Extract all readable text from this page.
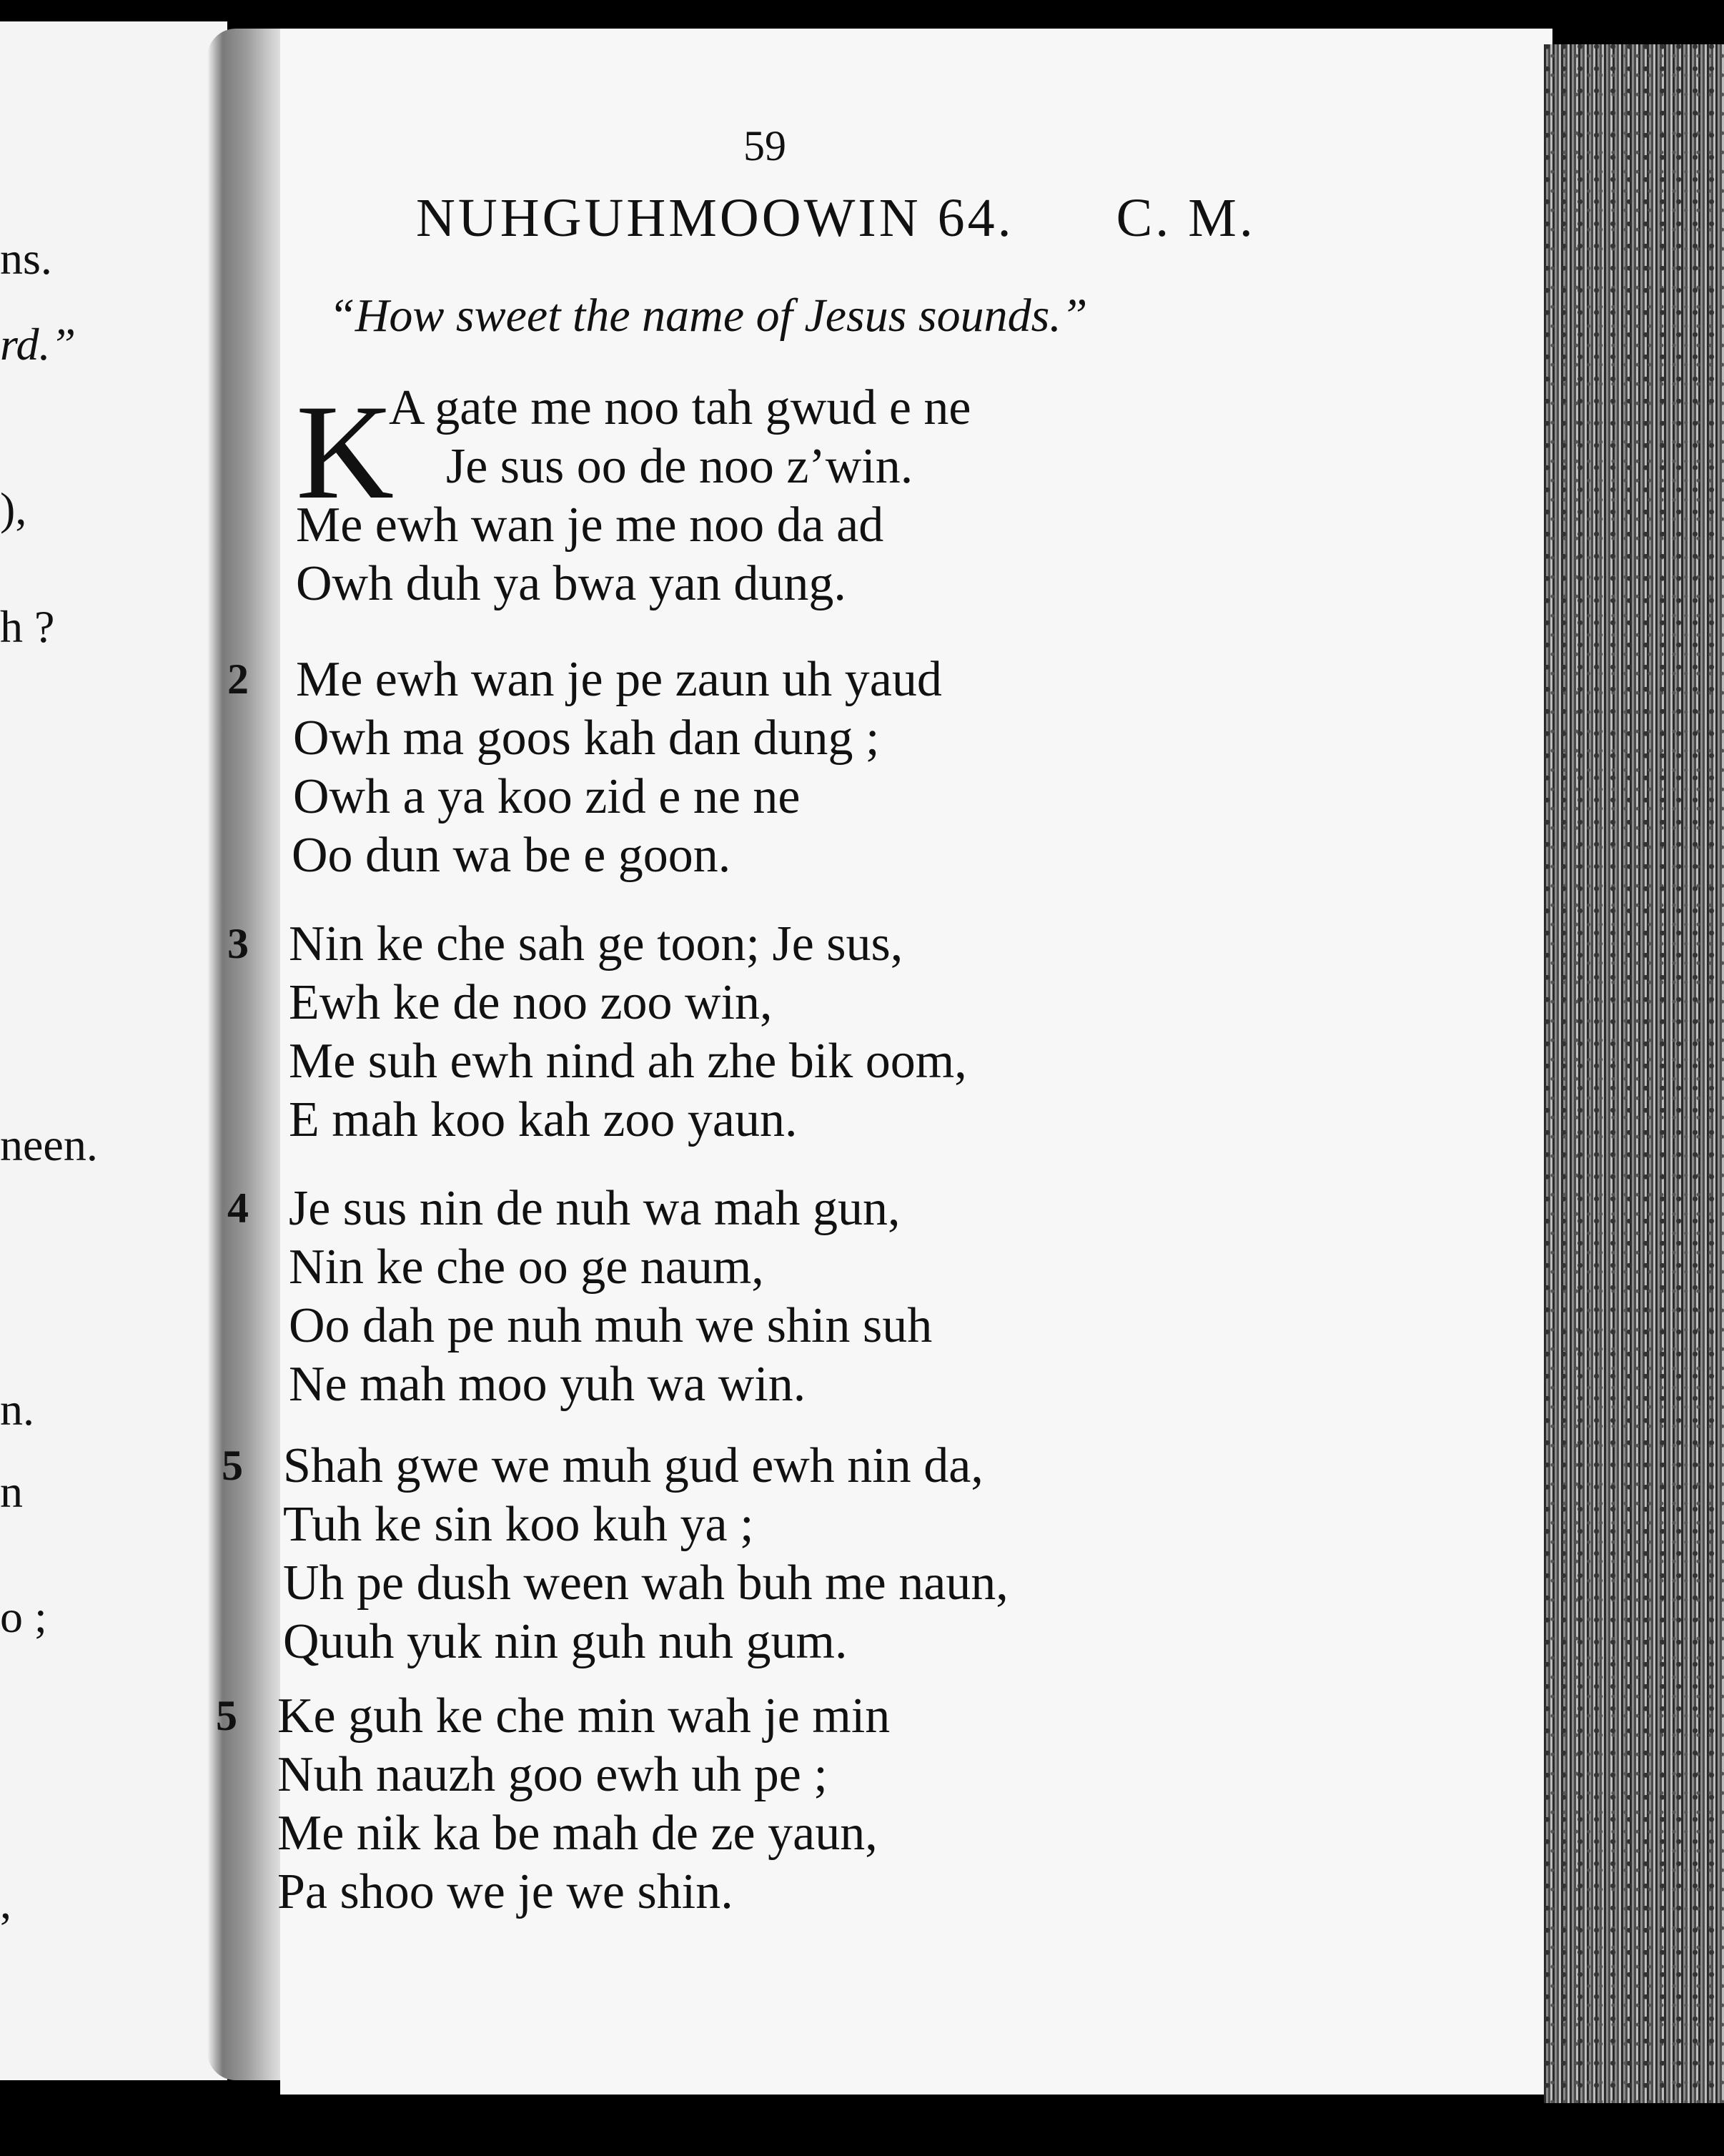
ns.
rd.”
),
h ?
neen.
n.
n
o ;
,
59
NUHGUHMOOWIN 64. C. M.
“How sweet the name of Jesus sounds.”
K
A gate me noo tah gwud e ne
Je sus oo de noo z’win.
Me ewh wan je me noo da ad
Owh duh ya bwa yan dung.
2 Me ewh wan je pe zaun uh yaud
Owh ma goos kah dan dung ;
Owh a ya koo zid e ne ne
Oo dun wa be e goon.
3 Nin ke che sah ge toon; Je sus,
Ewh ke de noo zoo win,
Me suh ewh nind ah zhe bik oom,
E mah koo kah zoo yaun.
4 Je sus nin de nuh wa mah gun,
Nin ke che oo ge naum,
Oo dah pe nuh muh we shin suh
Ne mah moo yuh wa win.
5 Shah gwe we muh gud ewh nin da,
Tuh ke sin koo kuh ya ;
Uh pe dush ween wah buh me naun,
Quuh yuk nin guh nuh gum.
5 Ke guh ke che min wah je min
Nuh nauzh goo ewh uh pe ;
Me nik ka be mah de ze yaun,
Pa shoo we je we shin.
